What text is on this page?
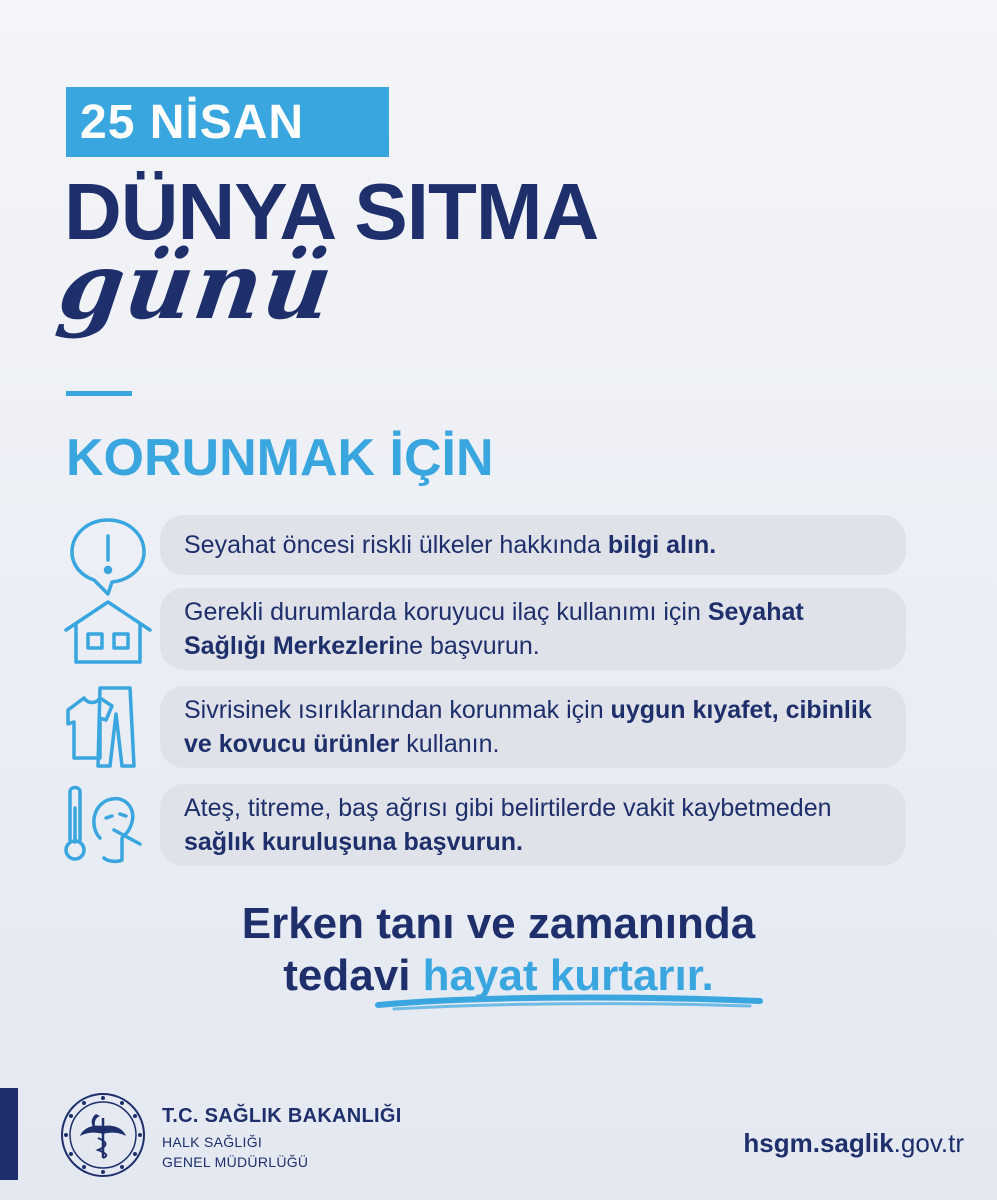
25 NİSAN
DÜNYA SITMA
günü
KORUNMAK İÇİN
Seyahat öncesi riskli ülkeler hakkında bilgi alın.
Gerekli durumlarda koruyucu ilaç kullanımı için Seyahat Sağlığı Merkezlerine başvurun.
Sivrisinek ısırıklarından korunmak için uygun kıyafet, cibinlik ve kovucu ürünler kullanın.
Ateş, titreme, baş ağrısı gibi belirtilerde vakit kaybetmeden sağlık kuruluşuna başvurun.
Erken tanı ve zamanında
tedavi hayat kurtarır.
T.C. SAĞLIK BAKANLIĞI
HALK SAĞLIĞI
GENEL MÜDÜRLÜĞÜ
hsgm.saglik.gov.tr
